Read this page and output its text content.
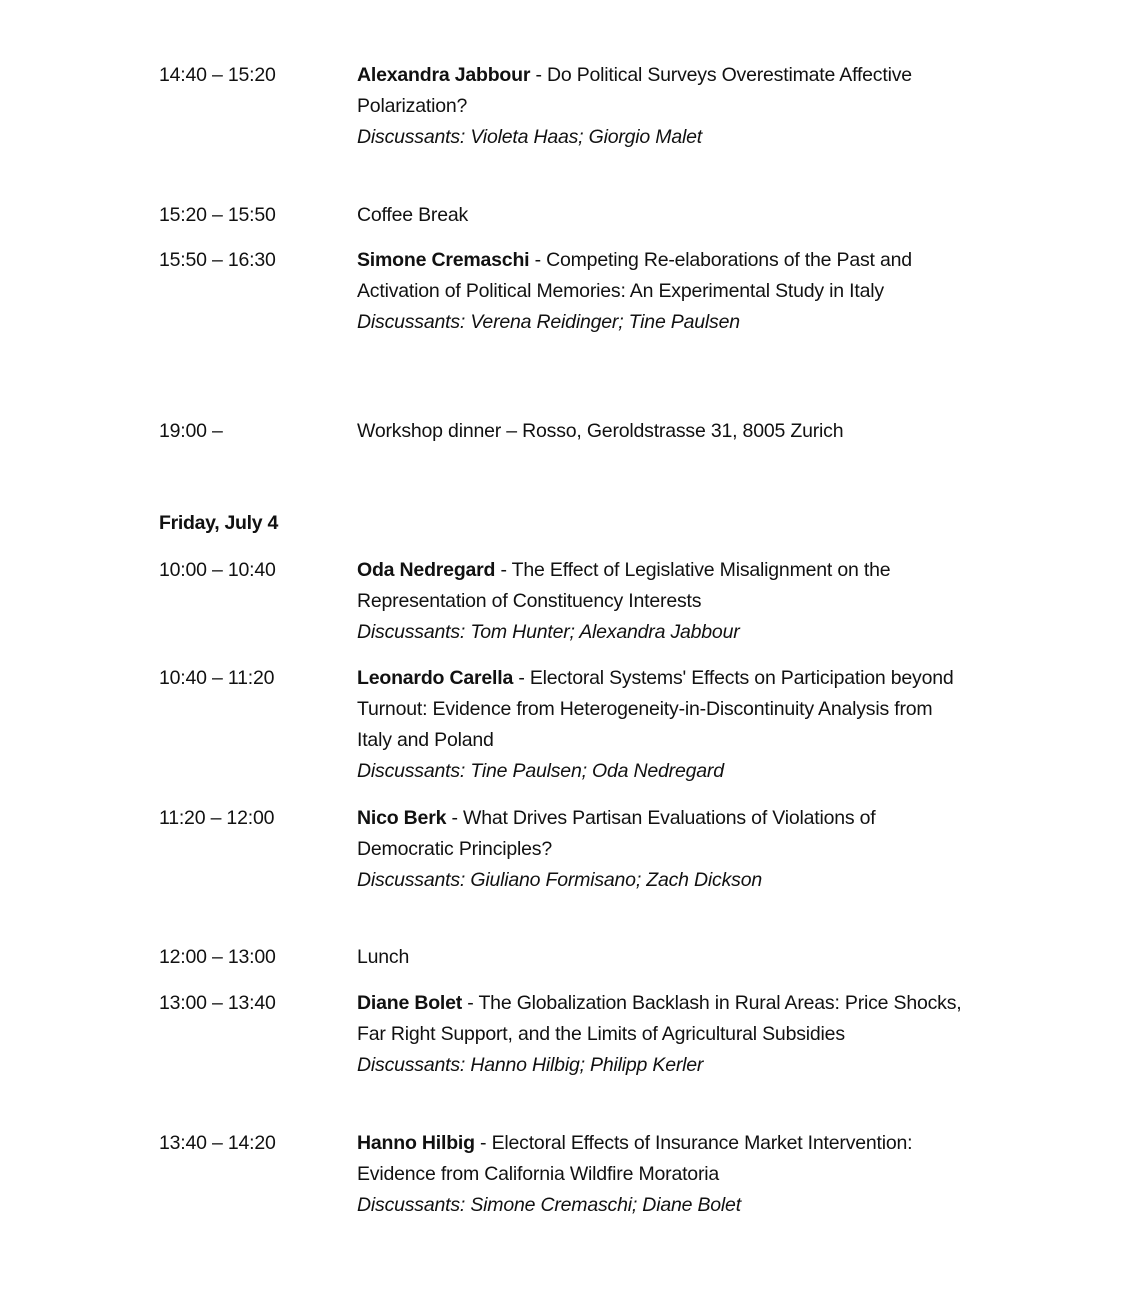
14:40 – 15:20	Alexandra Jabbour - Do Political Surveys Overestimate Affective Polarization?
Discussants: Violeta Haas; Giorgio Malet
15:20 – 15:50	Coffee Break
15:50 – 16:30	Simone Cremaschi - Competing Re-elaborations of the Past and Activation of Political Memories: An Experimental Study in Italy
Discussants: Verena Reidinger; Tine Paulsen
19:00 –	Workshop dinner – Rosso, Geroldstrasse 31, 8005 Zurich
Friday, July 4
10:00 – 10:40	Oda Nedregard - The Effect of Legislative Misalignment on the Representation of Constituency Interests
Discussants: Tom Hunter; Alexandra Jabbour
10:40 – 11:20	Leonardo Carella - Electoral Systems' Effects on Participation beyond Turnout: Evidence from Heterogeneity-in-Discontinuity Analysis from Italy and Poland
Discussants: Tine Paulsen; Oda Nedregard
11:20 – 12:00	Nico Berk - What Drives Partisan Evaluations of Violations of Democratic Principles?
Discussants: Giuliano Formisano; Zach Dickson
12:00 – 13:00	Lunch
13:00 – 13:40	Diane Bolet - The Globalization Backlash in Rural Areas: Price Shocks, Far Right Support, and the Limits of Agricultural Subsidies
Discussants: Hanno Hilbig; Philipp Kerler
13:40 – 14:20	Hanno Hilbig - Electoral Effects of Insurance Market Intervention: Evidence from California Wildfire Moratoria
Discussants: Simone Cremaschi; Diane Bolet
